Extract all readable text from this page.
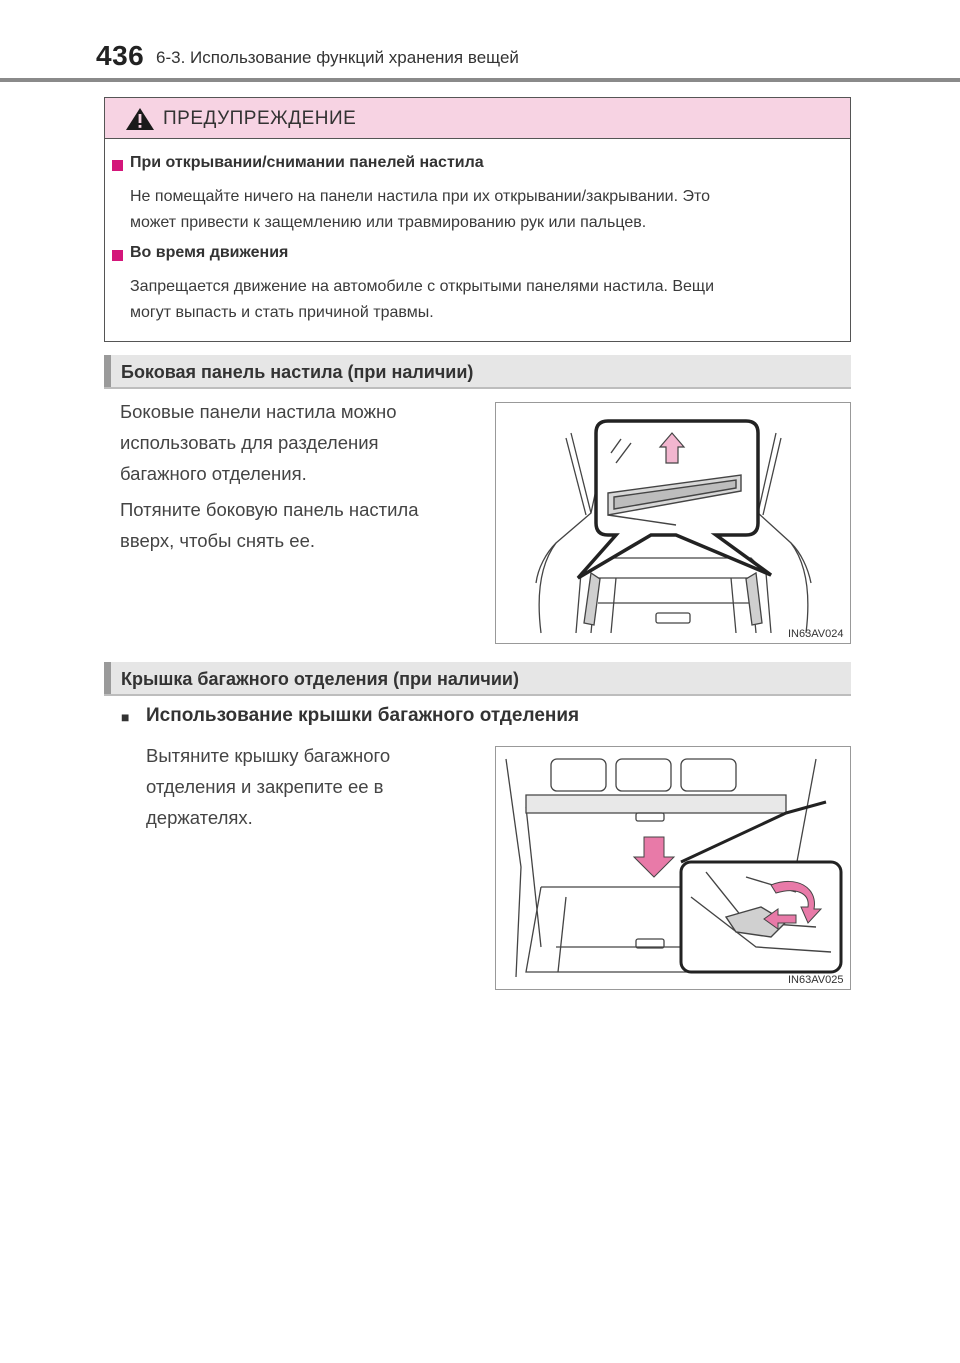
436 6-3. Использование функций хранения вещей
ПРЕДУПРЕЖДЕНИЕ
При открывании/снимании панелей настила
Не помещайте ничего на панели настила при их открывании/закрывании. Это
может привести к защемлению или травмированию рук или пальцев.
Во время движения
Запрещается движение на автомобиле с открытыми панелями настила. Вещи
могут выпасть и стать причиной травмы.
Боковая панель настила (при наличии)
Боковые панели настила можно
использовать для разделения
багажного отделения.
Потяните боковую панель настила
вверх, чтобы снять ее.
IN63AV024
Крышка багажного отделения (при наличии)
■ Использование крышки багажного отделения
Вытяните крышку багажного
отделения и закрепите ее в
держателях.
IN63AV025
